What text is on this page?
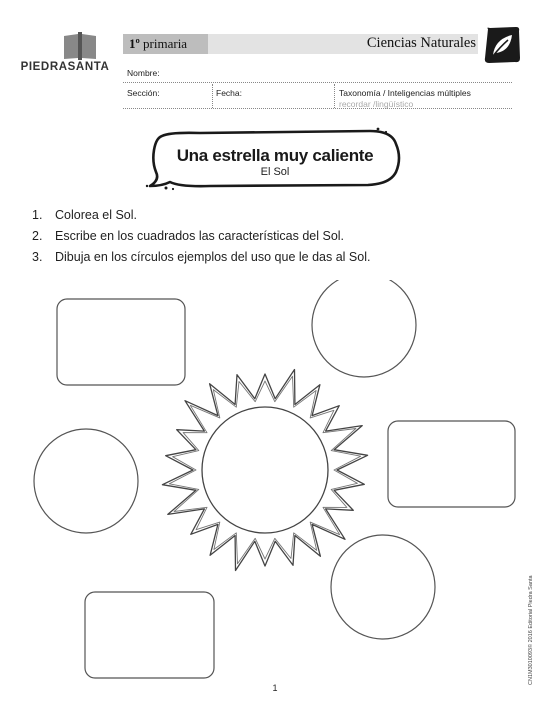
PIEDRASANTA
1º primaria	Ciencias Naturales
Nombre:
Sección:	Fecha:	Taxonomía / Inteligencias múltiples
recordar /lingüístico
Una estrella muy caliente
El Sol
1. Colorea el Sol.
2. Escribe en los cuadrados las características del Sol.
3. Dibuja en los círculos ejemplos del uso que le das al Sol.
CN1M3010093© 2016 Editorial Piedra Santa
1
